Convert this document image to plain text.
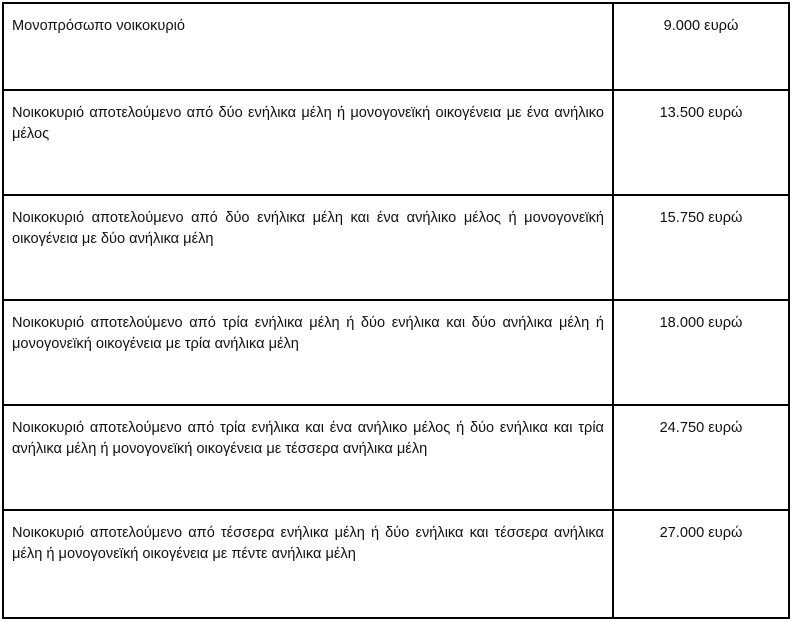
Μονοπρόσωπο νοικοκυριό	9.000 ευρώ
Νοικοκυριό αποτελούμενο από δύο ενήλικα μέλη ή μονογονεϊκή οικογένεια με ένα ανήλικο μέλος	13.500 ευρώ
Νοικοκυριό αποτελούμενο από δύο ενήλικα μέλη και ένα ανήλικο μέλος ή μονογονεϊκή οικογένεια με δύο ανήλικα μέλη	15.750 ευρώ
Νοικοκυριό αποτελούμενο από τρία ενήλικα μέλη ή δύο ενήλικα και δύο ανήλικα μέλη ή μονογονεϊκή οικογένεια με τρία ανήλικα μέλη	18.000 ευρώ
Νοικοκυριό αποτελούμενο από τρία ενήλικα και ένα ανήλικο μέλος ή δύο ενήλικα και τρία ανήλικα μέλη ή μονογονεϊκή οικογένεια με τέσσερα ανήλικα μέλη	24.750 ευρώ
Νοικοκυριό αποτελούμενο από τέσσερα ενήλικα μέλη ή δύο ενήλικα και τέσσερα ανήλικα μέλη ή μονογονεϊκή οικογένεια με πέντε ανήλικα μέλη	27.000 ευρώ
